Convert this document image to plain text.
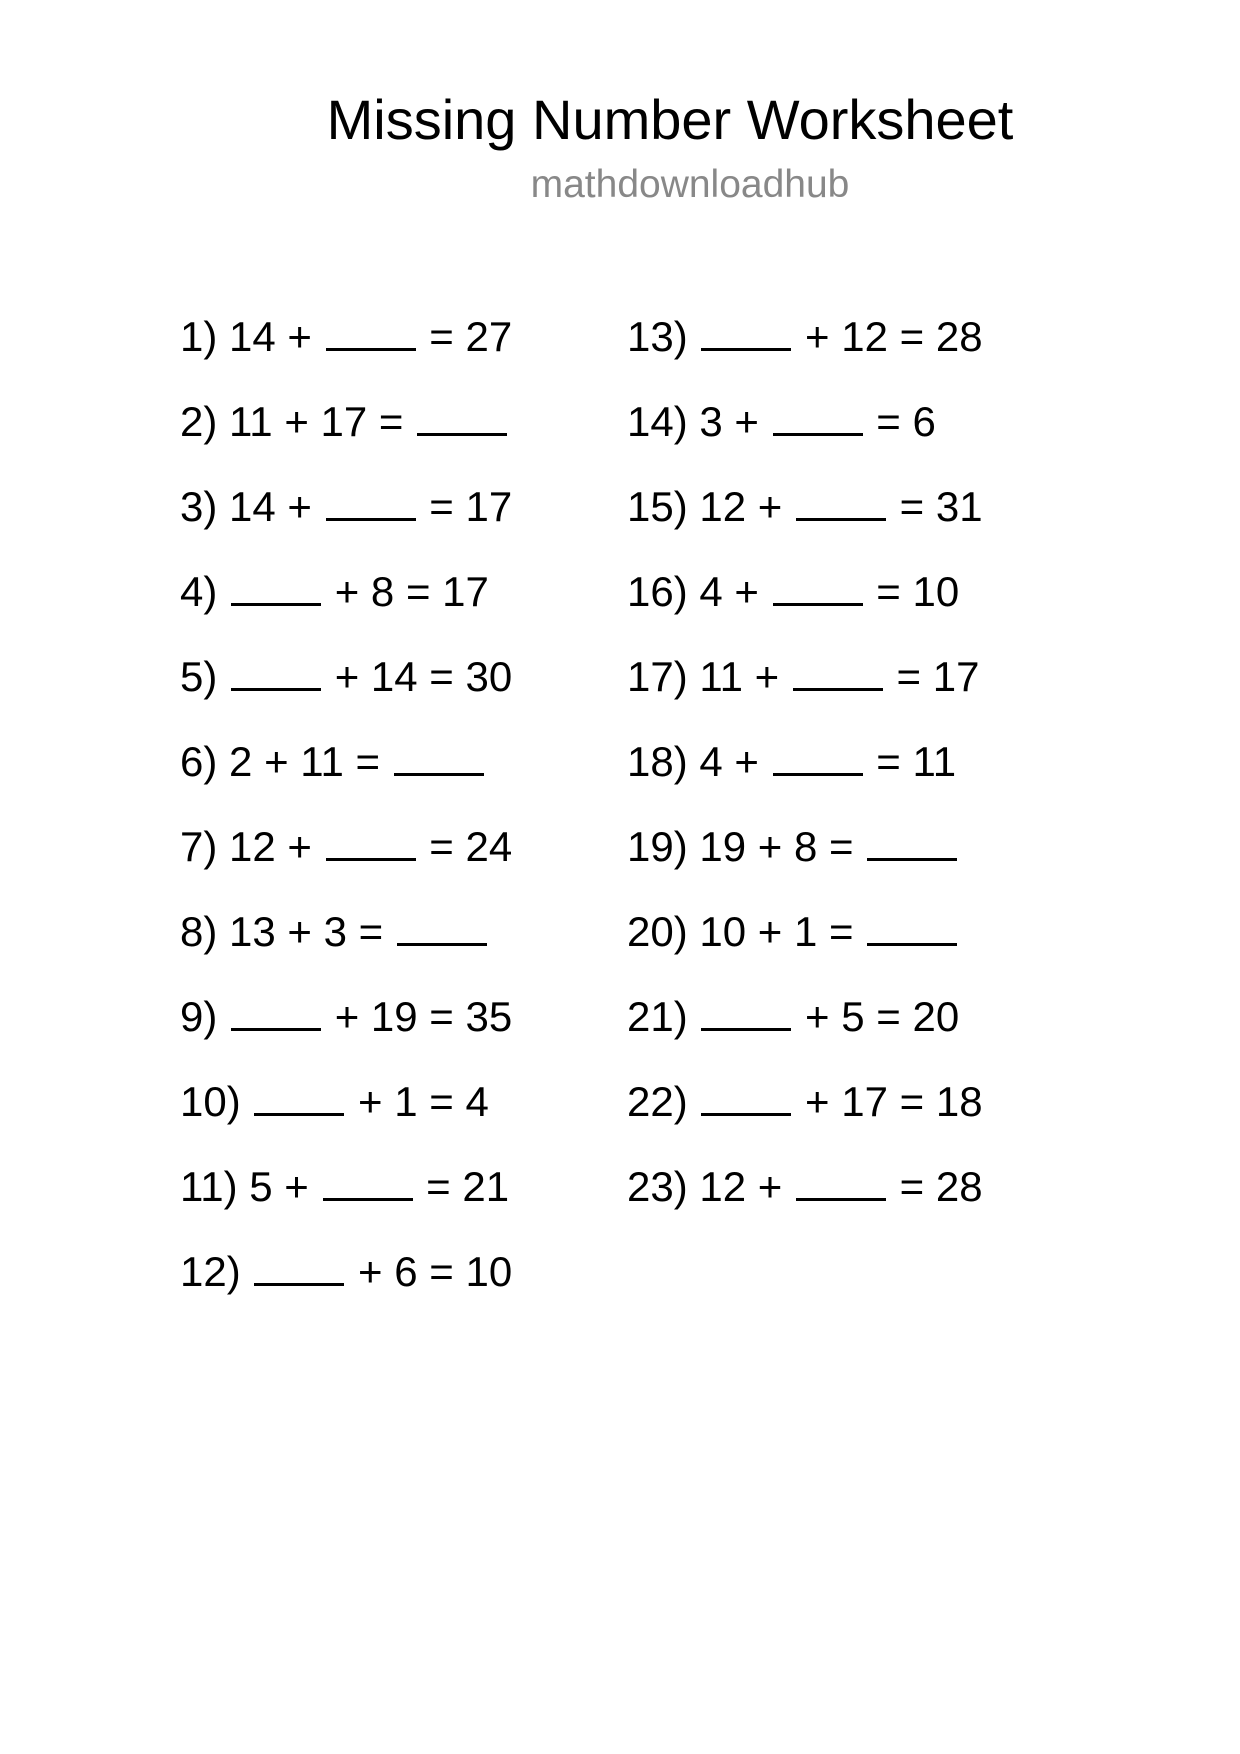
Missing Number Worksheet
mathdownloadhub
1) 14 +	= 27
2) 11 + 17 =
3) 14 +	= 17
4)	+ 8 = 17
5)	+ 14 = 30
6) 2 + 11 =
7) 12 +	= 24
8) 13 + 3 =
9)	+ 19 = 35
10)	+ 1 = 4
11) 5 +	= 21
12)	+ 6 = 10
13)	+ 12 = 28
14) 3 +	= 6
15) 12 +	= 31
16) 4 +	= 10
17) 11 +	= 17
18) 4 +	= 11
19) 19 + 8 =
20) 10 + 1 =
21)	+ 5 = 20
22)	+ 17 = 18
23) 12 +	= 28
